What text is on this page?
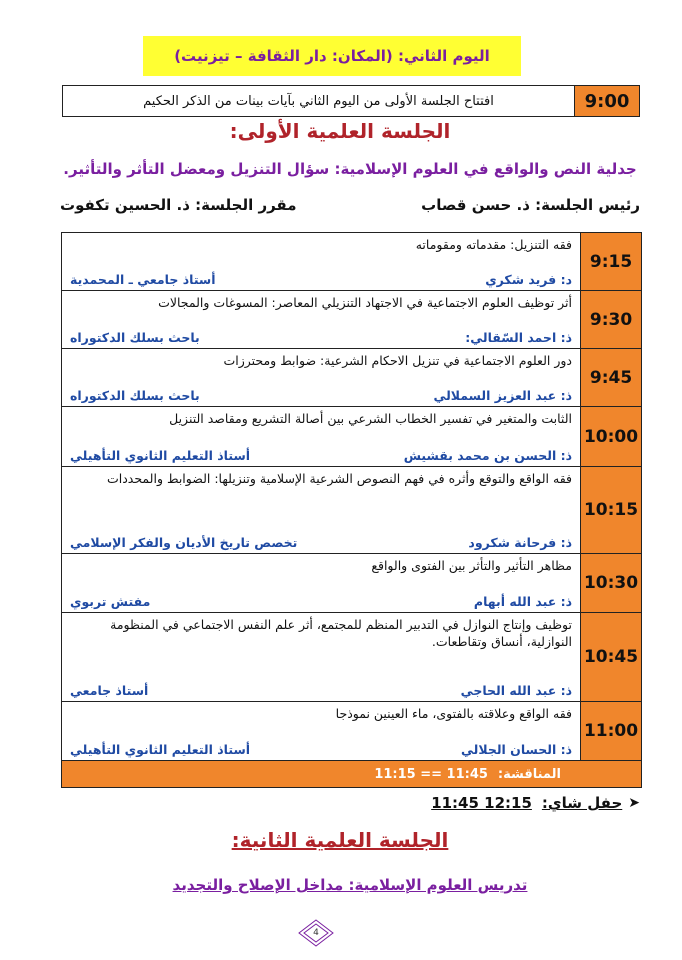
اليوم الثاني: (المكان: دار الثقافة – تيزنيت)
9:00
افتتاح الجلسة الأولى من اليوم الثاني بآيات بينات من الذكر الحكيم
الجلسة العلمية الأولى:
جدلية النص والواقع في العلوم الإسلامية: سؤال التنزيل ومعضل التأثر والتأثير.
رئيس الجلسة: ذ. حسن قصاب
مقرر الجلسة: ذ. الحسين تكفوت
9:15
فقه التنزيل: مقدماته ومقوماته
د: فريد شكري
أستاذ جامعي ـ المحمدية
9:30
أثر توظيف العلوم الاجتماعية في الاجتهاد التنزيلي المعاصر: المسوغات والمجالات
ذ: احمد السّقالي:
باحث بسلك الدكتوراه
9:45
دور العلوم الاجتماعية في تنزيل الاحكام الشرعية: ضوابط ومحترزات
ذ: عبد العزيز السملالي
باحث بسلك الدكتوراه
10:00
الثابت والمتغير في تفسير الخطاب الشرعي بين أصالة التشريع ومقاصد التنزيل
ذ: الحسن بن محمد بقشيش
أستاذ التعليم الثانوي التأهيلي
10:15
فقه الواقع والتوقع وأثره في فهم النصوص الشرعية الإسلامية وتنزيلها: الضوابط والمحددات
ذ: فرحانة شكرود
تخصص تاريخ الأديان والفكر الإسلامي
10:30
مظاهر التأثير والتأثر بين الفتوى والواقع
ذ: عبد الله أبهام
مفتش تربوي
10:45
توظيف وإنتاج النوازل في التدبير المنظم للمجتمع، أثر علم النفس الاجتماعي في المنظومة النوازلية، أنساق وتقاطعات.
ذ: عبد الله الحاجي
أستاذ جامعي
11:00
فقه الواقع وعلاقته بالفتوى، ماء العينين نموذجا
ذ: الحسان الجلالي
أستاذ التعليم الثانوي التأهيلي
المناقشة:
11:15 == 11:45
➤
حفل شاي:
11:45 12:15
الجلسة العلمية الثانية:
تدريس العلوم الإسلامية: مداخل الإصلاح والتجديد
4
